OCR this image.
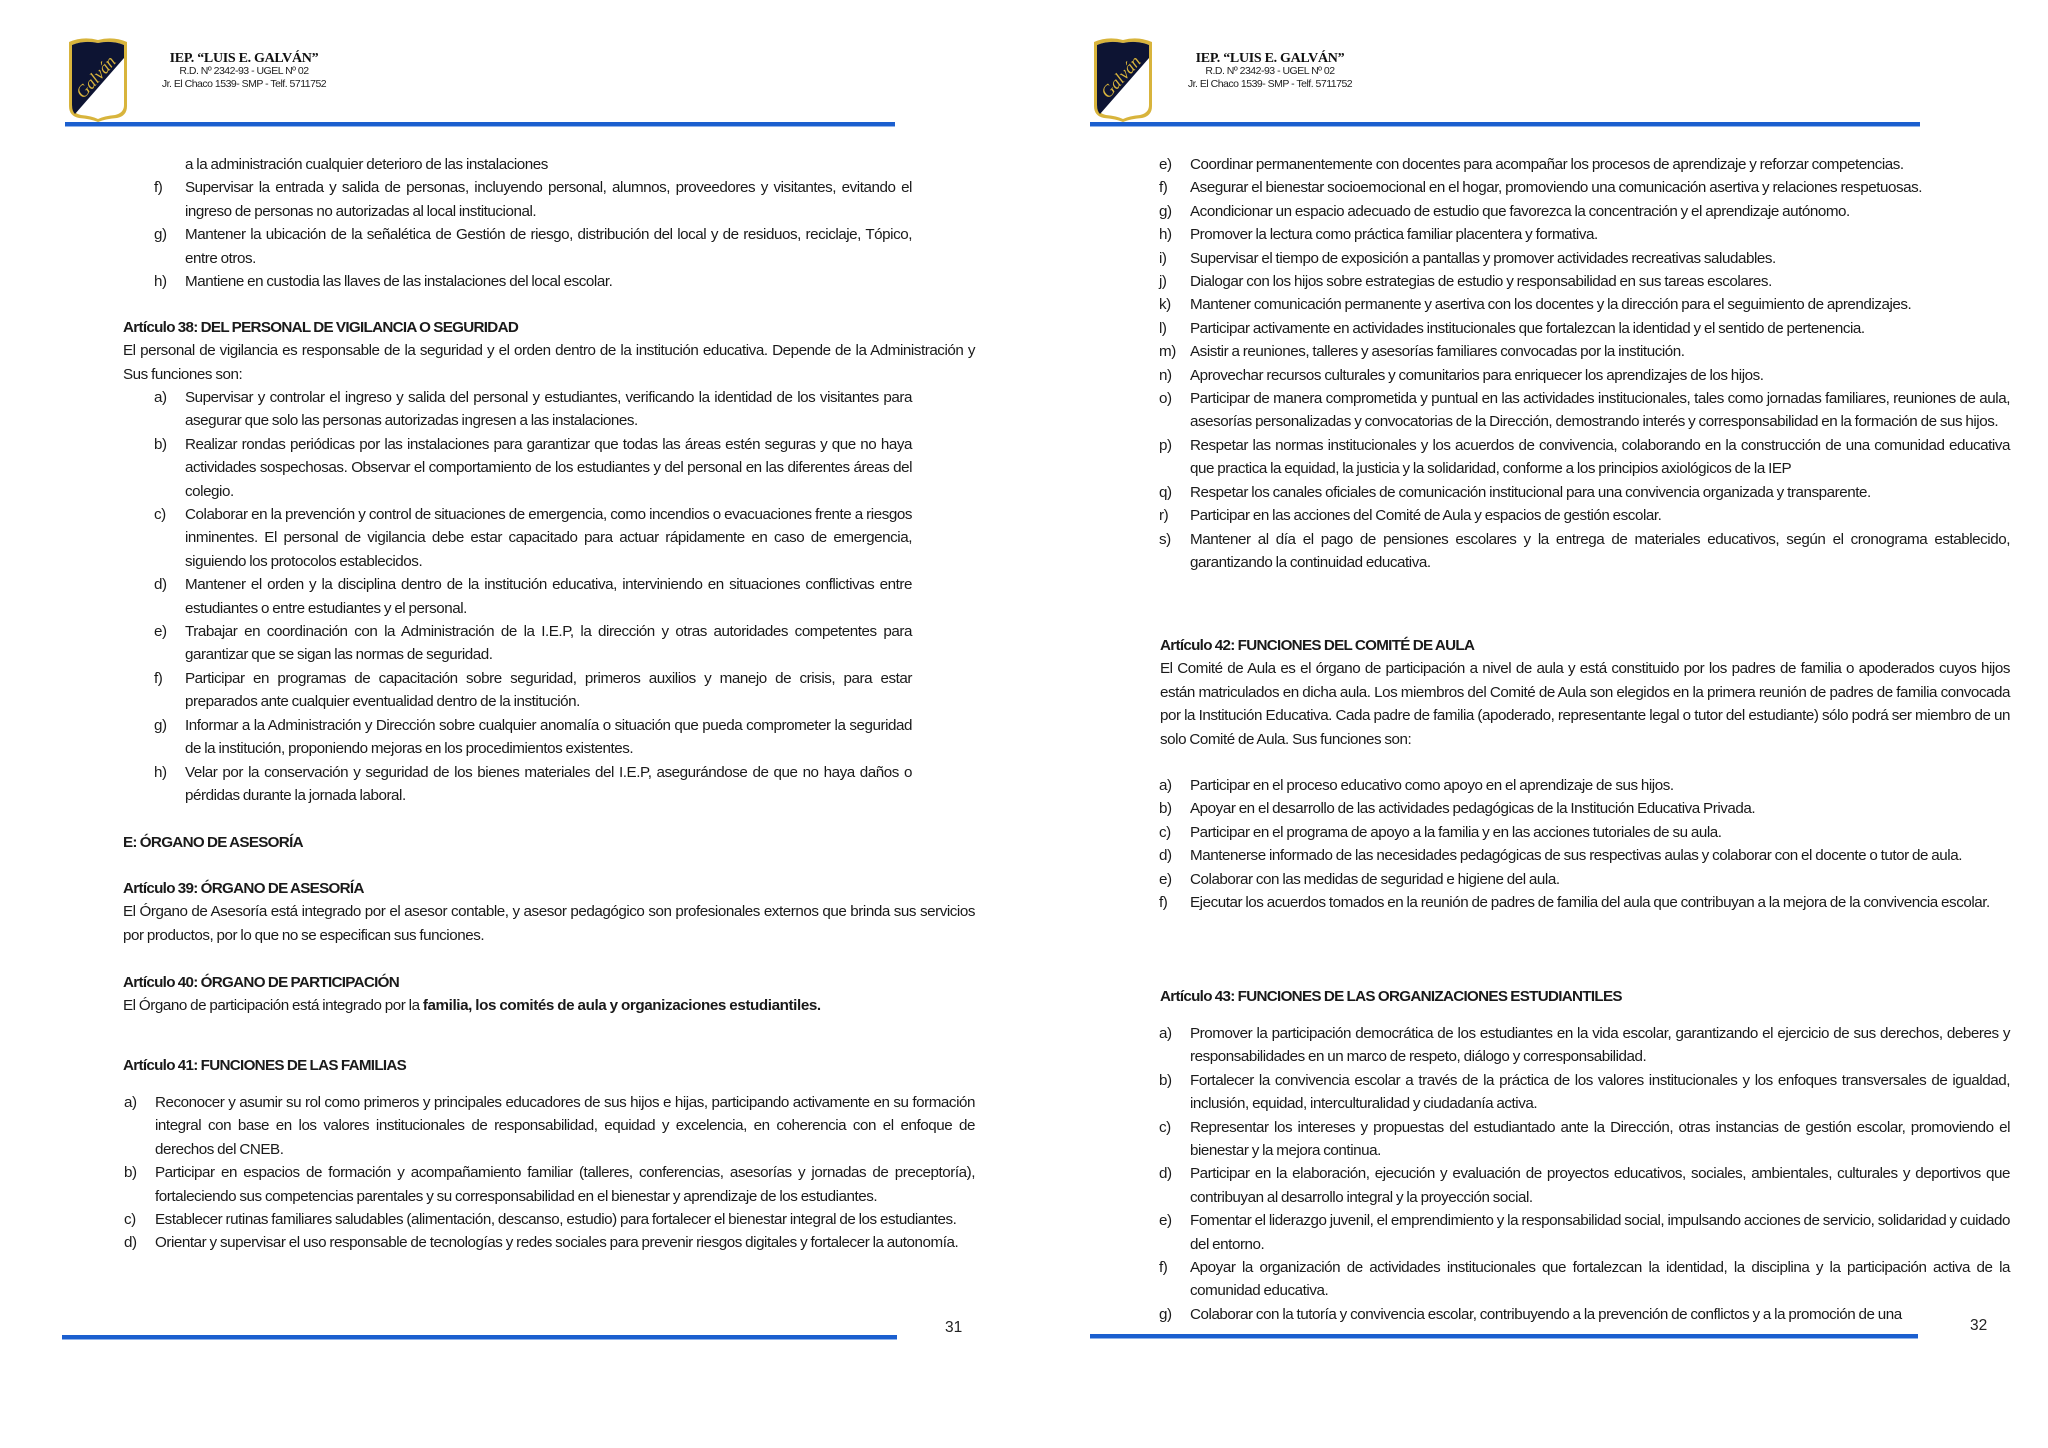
Galván	IEP. “LUIS E. GALVÁN”
R.D. Nº 2342-93 - UGEL Nº 02
Jr. El Chaco 1539- SMP - Telf. 5711752
a la administración cualquier deterioro de las instalaciones
f) Supervisar la entrada y salida de personas, incluyendo personal, alumnos, proveedores y visitantes, evitando el ingreso de personas no autorizadas al local institucional.
g) Mantener la ubicación de la señalética de Gestión de riesgo, distribución del local y de residuos, reciclaje, Tópico, entre otros.
h) Mantiene en custodia las llaves de las instalaciones del local escolar.
Artículo 38: DEL PERSONAL DE VIGILANCIA O SEGURIDAD
El personal de vigilancia es responsable de la seguridad y el orden dentro de la institución educativa. Depende de la Administración y Sus funciones son:
a) Supervisar y controlar el ingreso y salida del personal y estudiantes, verificando la identidad de los visitantes para asegurar que solo las personas autorizadas ingresen a las instalaciones.
b) Realizar rondas periódicas por las instalaciones para garantizar que todas las áreas estén seguras y que no haya actividades sospechosas. Observar el comportamiento de los estudiantes y del personal en las diferentes áreas del colegio.
c) Colaborar en la prevención y control de situaciones de emergencia, como incendios o evacuaciones frente a riesgos inminentes. El personal de vigilancia debe estar capacitado para actuar rápidamente en caso de emergencia, siguiendo los protocolos establecidos.
d) Mantener el orden y la disciplina dentro de la institución educativa, interviniendo en situaciones conflictivas entre estudiantes o entre estudiantes y el personal.
e) Trabajar en coordinación con la Administración de la I.E.P, la dirección y otras autoridades competentes para garantizar que se sigan las normas de seguridad.
f) Participar en programas de capacitación sobre seguridad, primeros auxilios y manejo de crisis, para estar preparados ante cualquier eventualidad dentro de la institución.
g) Informar a la Administración y Dirección sobre cualquier anomalía o situación que pueda comprometer la seguridad de la institución, proponiendo mejoras en los procedimientos existentes.
h) Velar por la conservación y seguridad de los bienes materiales del I.E.P, asegurándose de que no haya daños o pérdidas durante la jornada laboral.
E: ÓRGANO DE ASESORÍA
Artículo 39: ÓRGANO DE ASESORÍA
El Órgano de Asesoría está integrado por el asesor contable, y asesor pedagógico son profesionales externos que brinda sus servicios por productos, por lo que no se especifican sus funciones.
Artículo 40: ÓRGANO DE PARTICIPACIÓN
El Órgano de participación está integrado por la familia, los comités de aula y organizaciones estudiantiles.
Artículo 41: FUNCIONES DE LAS FAMILIAS
a) Reconocer y asumir su rol como primeros y principales educadores de sus hijos e hijas, participando activamente en su formación integral con base en los valores institucionales de responsabilidad, equidad y excelencia, en coherencia con el enfoque de derechos del CNEB.
b) Participar en espacios de formación y acompañamiento familiar (talleres, conferencias, asesorías y jornadas de preceptoría), fortaleciendo sus competencias parentales y su corresponsabilidad en el bienestar y aprendizaje de los estudiantes.
c) Establecer rutinas familiares saludables (alimentación, descanso, estudio) para fortalecer el bienestar integral de los estudiantes.
d) Orientar y supervisar el uso responsable de tecnologías y redes sociales para prevenir riesgos digitales y fortalecer la autonomía.
31
Galván	IEP. “LUIS E. GALVÁN”
R.D. Nº 2342-93 - UGEL Nº 02
Jr. El Chaco 1539- SMP - Telf. 5711752
e) Coordinar permanentemente con docentes para acompañar los procesos de aprendizaje y reforzar competencias.
f) Asegurar el bienestar socioemocional en el hogar, promoviendo una comunicación asertiva y relaciones respetuosas.
g) Acondicionar un espacio adecuado de estudio que favorezca la concentración y el aprendizaje autónomo.
h) Promover la lectura como práctica familiar placentera y formativa.
i) Supervisar el tiempo de exposición a pantallas y promover actividades recreativas saludables.
j) Dialogar con los hijos sobre estrategias de estudio y responsabilidad en sus tareas escolares.
k) Mantener comunicación permanente y asertiva con los docentes y la dirección para el seguimiento de aprendizajes.
l) Participar activamente en actividades institucionales que fortalezcan la identidad y el sentido de pertenencia.
m) Asistir a reuniones, talleres y asesorías familiares convocadas por la institución.
n) Aprovechar recursos culturales y comunitarios para enriquecer los aprendizajes de los hijos.
o) Participar de manera comprometida y puntual en las actividades institucionales, tales como jornadas familiares, reuniones de aula, asesorías personalizadas y convocatorias de la Dirección, demostrando interés y corresponsabilidad en la formación de sus hijos.
p) Respetar las normas institucionales y los acuerdos de convivencia, colaborando en la construcción de una comunidad educativa que practica la equidad, la justicia y la solidaridad, conforme a los principios axiológicos de la IEP
q) Respetar los canales oficiales de comunicación institucional para una convivencia organizada y transparente.
r) Participar en las acciones del Comité de Aula y espacios de gestión escolar.
s) Mantener al día el pago de pensiones escolares y la entrega de materiales educativos, según el cronograma establecido, garantizando la continuidad educativa.
Artículo 42: FUNCIONES DEL COMITÉ DE AULA
El Comité de Aula es el órgano de participación a nivel de aula y está constituido por los padres de familia o apoderados cuyos hijos están matriculados en dicha aula. Los miembros del Comité de Aula son elegidos en la primera reunión de padres de familia convocada por la Institución Educativa. Cada padre de familia (apoderado, representante legal o tutor del estudiante) sólo podrá ser miembro de un solo Comité de Aula. Sus funciones son:
a) Participar en el proceso educativo como apoyo en el aprendizaje de sus hijos.
b) Apoyar en el desarrollo de las actividades pedagógicas de la Institución Educativa Privada.
c) Participar en el programa de apoyo a la familia y en las acciones tutoriales de su aula.
d) Mantenerse informado de las necesidades pedagógicas de sus respectivas aulas y colaborar con el docente o tutor de aula.
e) Colaborar con las medidas de seguridad e higiene del aula.
f) Ejecutar los acuerdos tomados en la reunión de padres de familia del aula que contribuyan a la mejora de la convivencia escolar.
Artículo 43: FUNCIONES DE LAS ORGANIZACIONES ESTUDIANTILES
a) Promover la participación democrática de los estudiantes en la vida escolar, garantizando el ejercicio de sus derechos, deberes y responsabilidades en un marco de respeto, diálogo y corresponsabilidad.
b) Fortalecer la convivencia escolar a través de la práctica de los valores institucionales y los enfoques transversales de igualdad, inclusión, equidad, interculturalidad y ciudadanía activa.
c) Representar los intereses y propuestas del estudiantado ante la Dirección, otras instancias de gestión escolar, promoviendo el bienestar y la mejora continua.
d) Participar en la elaboración, ejecución y evaluación de proyectos educativos, sociales, ambientales, culturales y deportivos que contribuyan al desarrollo integral y la proyección social.
e) Fomentar el liderazgo juvenil, el emprendimiento y la responsabilidad social, impulsando acciones de servicio, solidaridad y cuidado del entorno.
f) Apoyar la organización de actividades institucionales que fortalezcan la identidad, la disciplina y la participación activa de la comunidad educativa.
g) Colaborar con la tutoría y convivencia escolar, contribuyendo a la prevención de conflictos y a la promoción de una
32
